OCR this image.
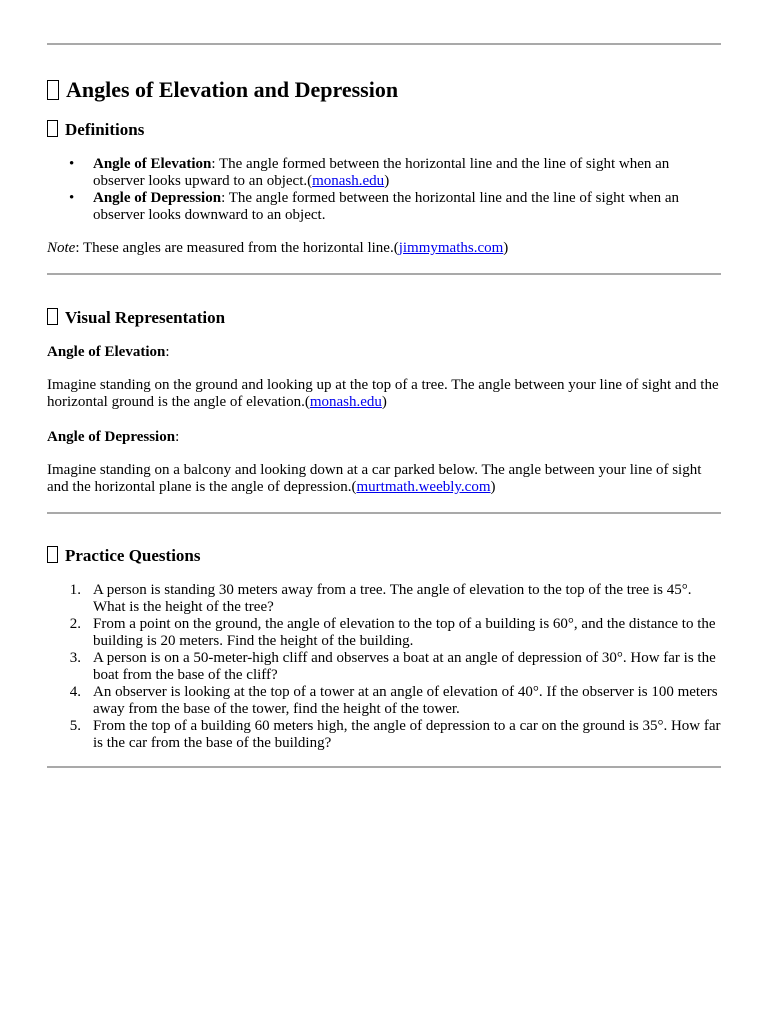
Angles of Elevation and Depression
Definitions
• Angle of Elevation: The angle formed between the horizontal line and the line of sight when an observer looks upward to an object.(monash.edu)
• Angle of Depression: The angle formed between the horizontal line and the line of sight when an observer looks downward to an object.

Note: These angles are measured from the horizontal line.(jimmymaths.com)

Visual Representation

Angle of Elevation:

Imagine standing on the ground and looking up at the top of a tree. The angle between your line of sight and the horizontal ground is the angle of elevation.(monash.edu)

Angle of Depression:

Imagine standing on a balcony and looking down at a car parked below. The angle between your line of sight and the horizontal plane is the angle of depression.(murtmath.weebly.com)

Practice Questions
1. A person is standing 30 meters away from a tree. The angle of elevation to the top of the tree is 45°. What is the height of the tree?
2. From a point on the ground, the angle of elevation to the top of a building is 60°, and the distance to the building is 20 meters. Find the height of the building.
3. A person is on a 50-meter-high cliff and observes a boat at an angle of depression of 30°. How far is the boat from the base of the cliff?
4. An observer is looking at the top of a tower at an angle of elevation of 40°. If the observer is 100 meters away from the base of the tower, find the height of the tower.
5. From the top of a building 60 meters high, the angle of depression to a car on the ground is 35°. How far is the car from the base of the building?
